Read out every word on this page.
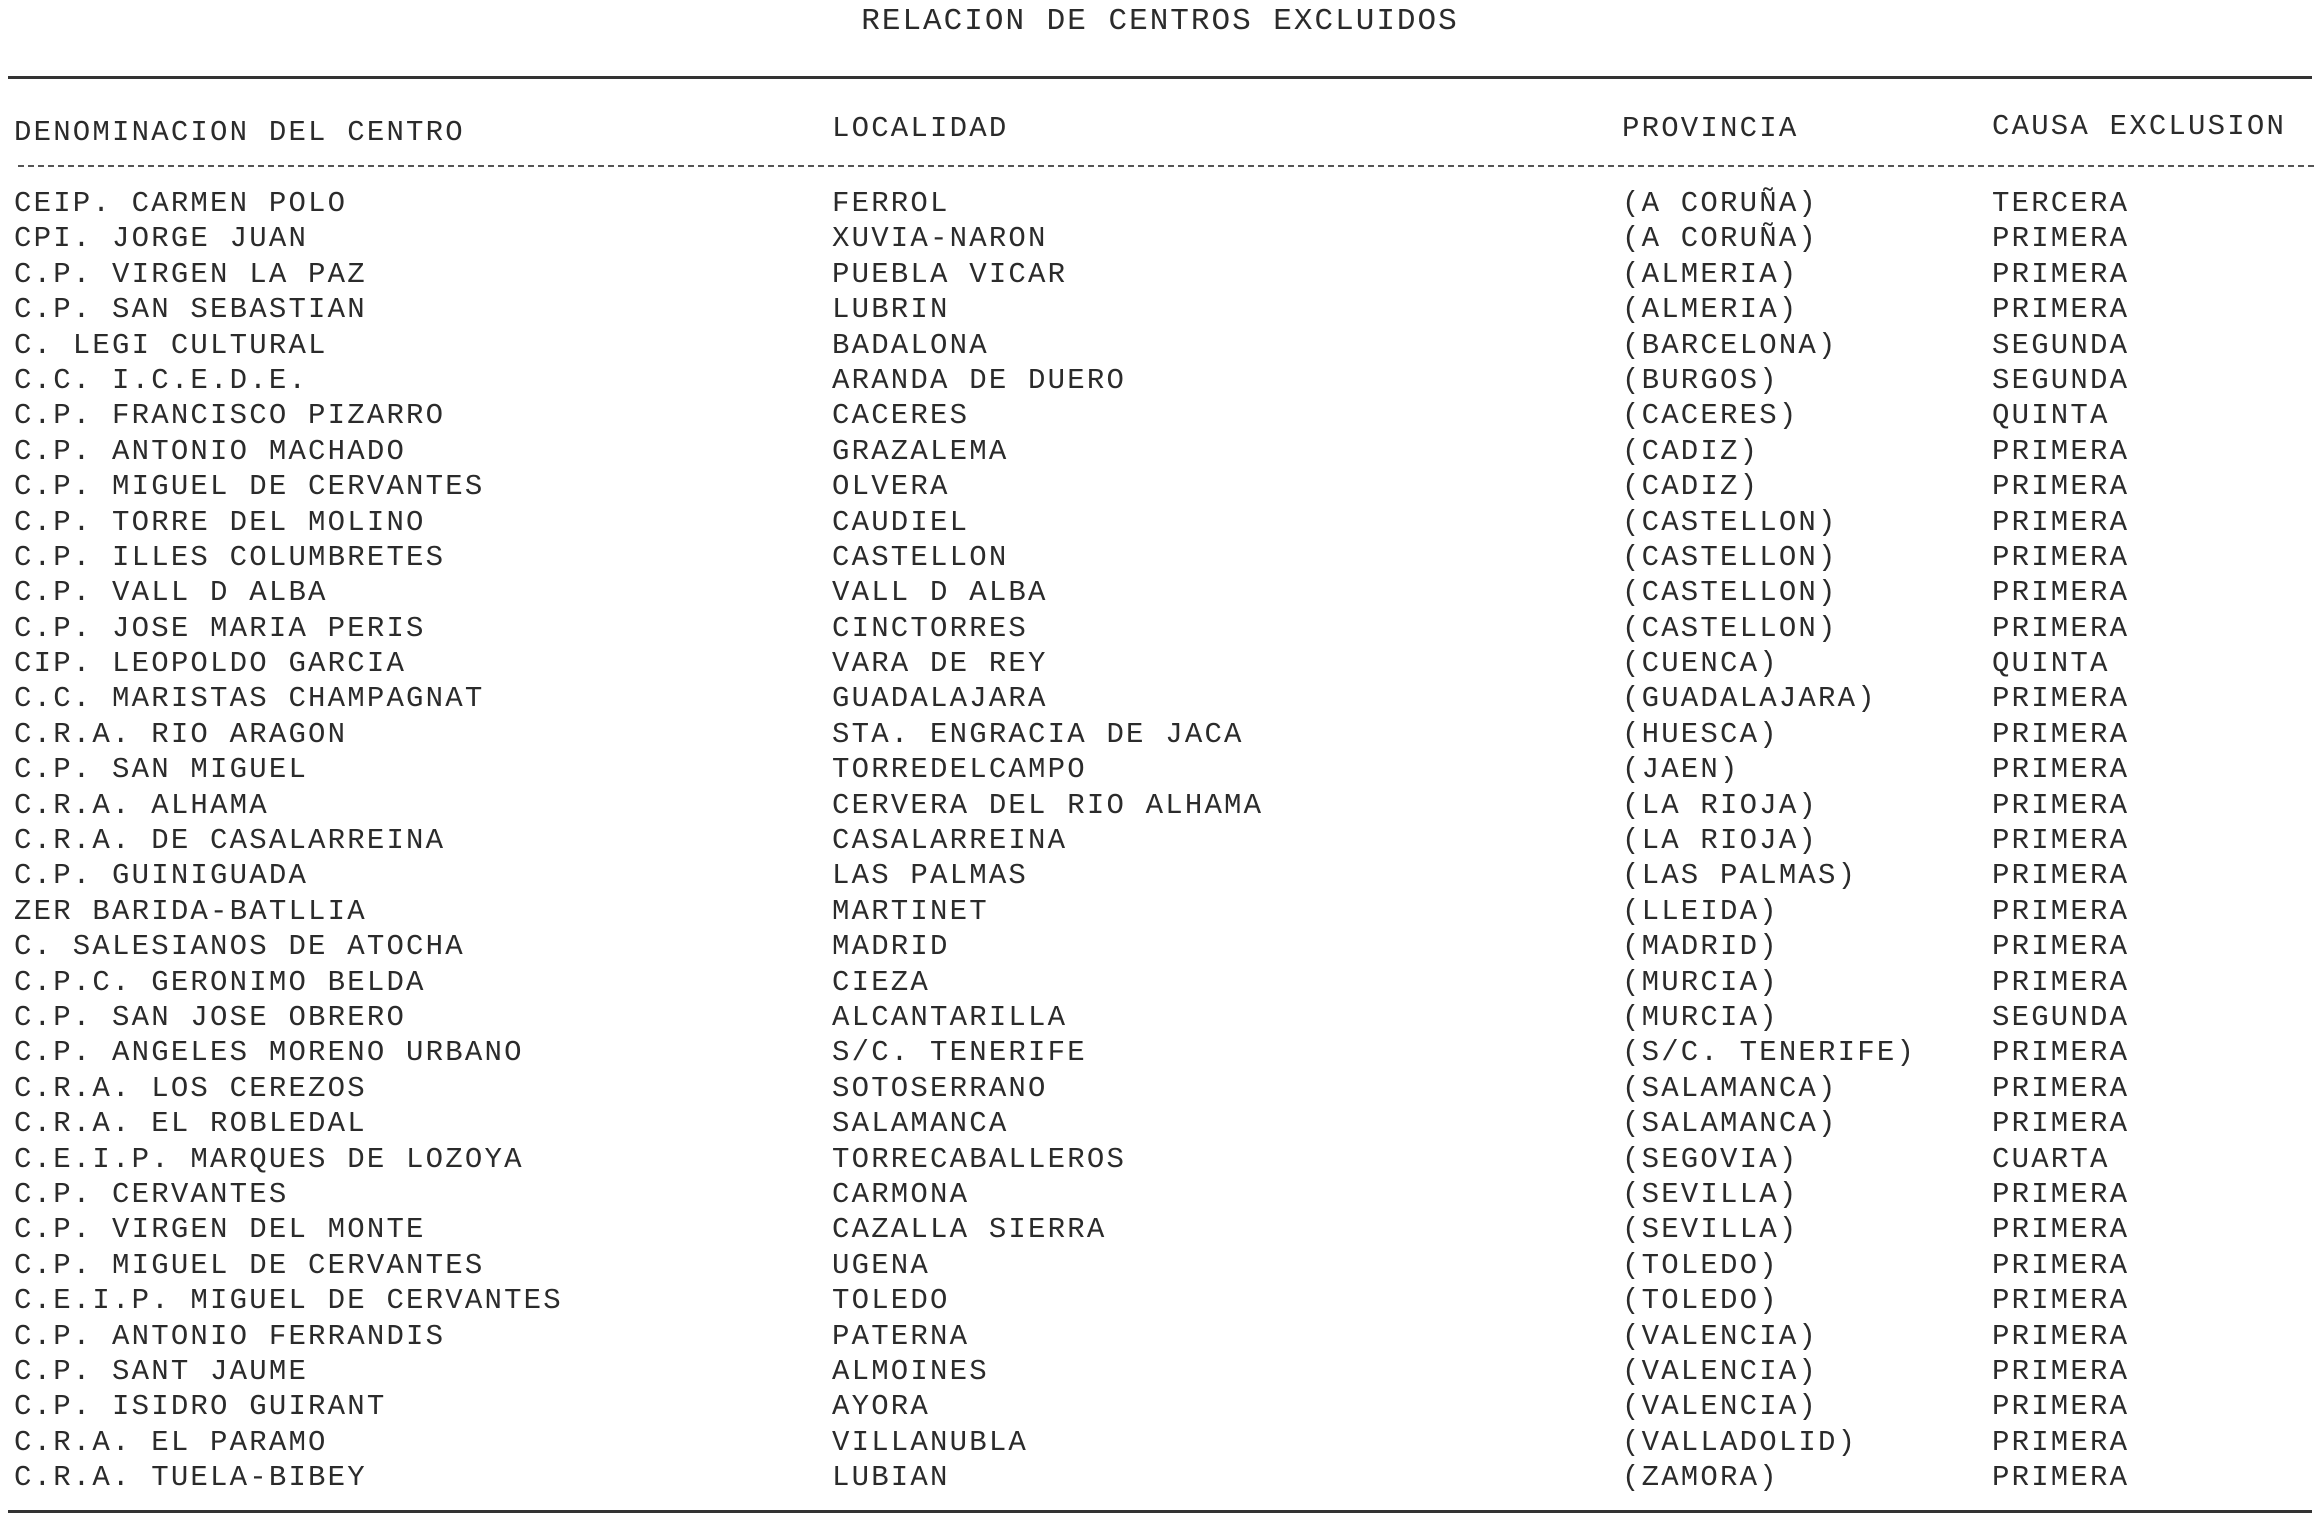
RELACION DE CENTROS EXCLUIDOS
DENOMINACION DEL CENTRO	LOCALIDAD	PROVINCIA	CAUSA EXCLUSION
CEIP. CARMEN POLO	FERROL	(A CORUÑA)	TERCERA
CPI. JORGE JUAN	XUVIA-NARON	(A CORUÑA)	PRIMERA
C.P. VIRGEN LA PAZ	PUEBLA VICAR	(ALMERIA)	PRIMERA
C.P. SAN SEBASTIAN	LUBRIN	(ALMERIA)	PRIMERA
C. LEGI CULTURAL	BADALONA	(BARCELONA)	SEGUNDA
C.C. I.C.E.D.E.	ARANDA DE DUERO	(BURGOS)	SEGUNDA
C.P. FRANCISCO PIZARRO	CACERES	(CACERES)	QUINTA
C.P. ANTONIO MACHADO	GRAZALEMA	(CADIZ)	PRIMERA
C.P. MIGUEL DE CERVANTES	OLVERA	(CADIZ)	PRIMERA
C.P. TORRE DEL MOLINO	CAUDIEL	(CASTELLON)	PRIMERA
C.P. ILLES COLUMBRETES	CASTELLON	(CASTELLON)	PRIMERA
C.P. VALL D ALBA	VALL D ALBA	(CASTELLON)	PRIMERA
C.P. JOSE MARIA PERIS	CINCTORRES	(CASTELLON)	PRIMERA
CIP. LEOPOLDO GARCIA	VARA DE REY	(CUENCA)	QUINTA
C.C. MARISTAS CHAMPAGNAT	GUADALAJARA	(GUADALAJARA)	PRIMERA
C.R.A. RIO ARAGON	STA. ENGRACIA DE JACA	(HUESCA)	PRIMERA
C.P. SAN MIGUEL	TORREDELCAMPO	(JAEN)	PRIMERA
C.R.A. ALHAMA	CERVERA DEL RIO ALHAMA	(LA RIOJA)	PRIMERA
C.R.A. DE CASALARREINA	CASALARREINA	(LA RIOJA)	PRIMERA
C.P. GUINIGUADA	LAS PALMAS	(LAS PALMAS)	PRIMERA
ZER BARIDA-BATLLIA	MARTINET	(LLEIDA)	PRIMERA
C. SALESIANOS DE ATOCHA	MADRID	(MADRID)	PRIMERA
C.P.C. GERONIMO BELDA	CIEZA	(MURCIA)	PRIMERA
C.P. SAN JOSE OBRERO	ALCANTARILLA	(MURCIA)	SEGUNDA
C.P. ANGELES MORENO URBANO	S/C. TENERIFE	(S/C. TENERIFE)	PRIMERA
C.R.A. LOS CEREZOS	SOTOSERRANO	(SALAMANCA)	PRIMERA
C.R.A. EL ROBLEDAL	SALAMANCA	(SALAMANCA)	PRIMERA
C.E.I.P. MARQUES DE LOZOYA	TORRECABALLEROS	(SEGOVIA)	CUARTA
C.P. CERVANTES	CARMONA	(SEVILLA)	PRIMERA
C.P. VIRGEN DEL MONTE	CAZALLA SIERRA	(SEVILLA)	PRIMERA
C.P. MIGUEL DE CERVANTES	UGENA	(TOLEDO)	PRIMERA
C.E.I.P. MIGUEL DE CERVANTES	TOLEDO	(TOLEDO)	PRIMERA
C.P. ANTONIO FERRANDIS	PATERNA	(VALENCIA)	PRIMERA
C.P. SANT JAUME	ALMOINES	(VALENCIA)	PRIMERA
C.P. ISIDRO GUIRANT	AYORA	(VALENCIA)	PRIMERA
C.R.A. EL PARAMO	VILLANUBLA	(VALLADOLID)	PRIMERA
C.R.A. TUELA-BIBEY	LUBIAN	(ZAMORA)	PRIMERA
